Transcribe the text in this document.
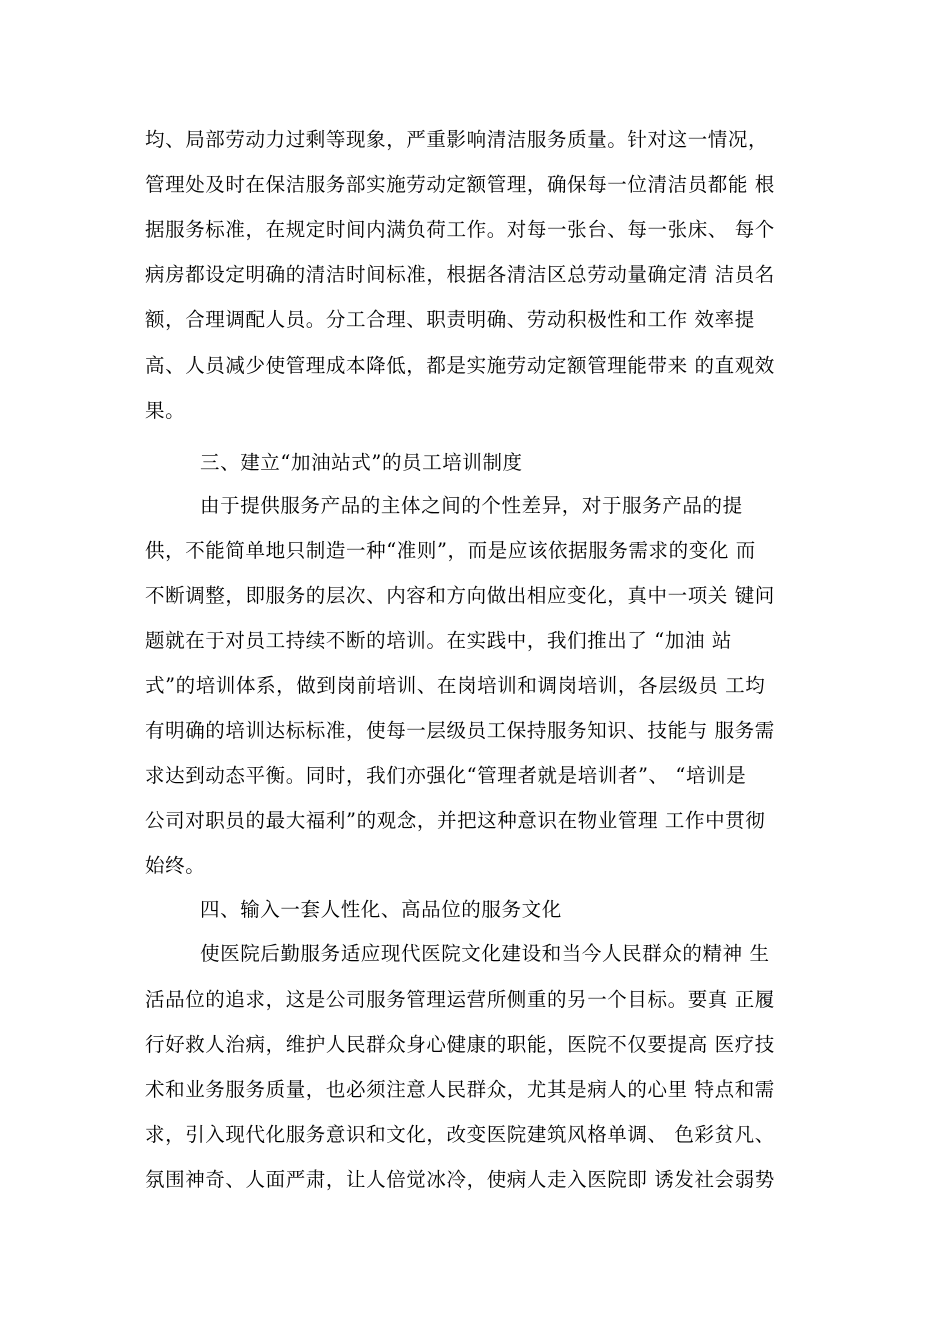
均、局部劳动力过剩等现象，严重影响清洁服务质量。针对这一情况，
管理处及时在保洁服务部实施劳动定额管理，确保每一位清洁员都能 根
据服务标准，在规定时间内满负荷工作。对每一张台、每一张床、 每个
病房都设定明确的清洁时间标准，根据各清洁区总劳动量确定清 洁员名
额，合理调配人员。分工合理、职责明确、劳动积极性和工作 效率提
高、人员减少使管理成本降低，都是实施劳动定额管理能带来 的直观效
果。
三、建立“加油站式”的员工培训制度
由于提供服务产品的主体之间的个性差异，对于服务产品的提
供，不能简单地只制造一种“准则”，而是应该依据服务需求的变化 而
不断调整，即服务的层次、内容和方向做出相应变化，真中一项关 键问
题就在于对员工持续不断的培训。在实践中，我们推出了 “加油 站
式”的培训体系，做到岗前培训、在岗培训和调岗培训，各层级员 工均
有明确的培训达标标准，使每一层级员工保持服务知识、技能与 服务需
求达到动态平衡。同时，我们亦强化“管理者就是培训者”、 “培训是
公司对职员的最大福利”的观念，并把这种意识在物业管理 工作中贯彻
始终。
四、输入一套人性化、高品位的服务文化
使医院后勤服务适应现代医院文化建设和当今人民群众的精神 生
活品位的追求，这是公司服务管理运营所侧重的另一个目标。要真 正履
行好救人治病，维护人民群众身心健康的职能，医院不仅要提高 医疗技
术和业务服务质量，也必须注意人民群众，尤其是病人的心里 特点和需
求，引入现代化服务意识和文化，改变医院建筑风格单调、 色彩贫凡、
氛围神奇、人面严肃，让人倍觉冰冷，使病人走入医院即 诱发社会弱势
